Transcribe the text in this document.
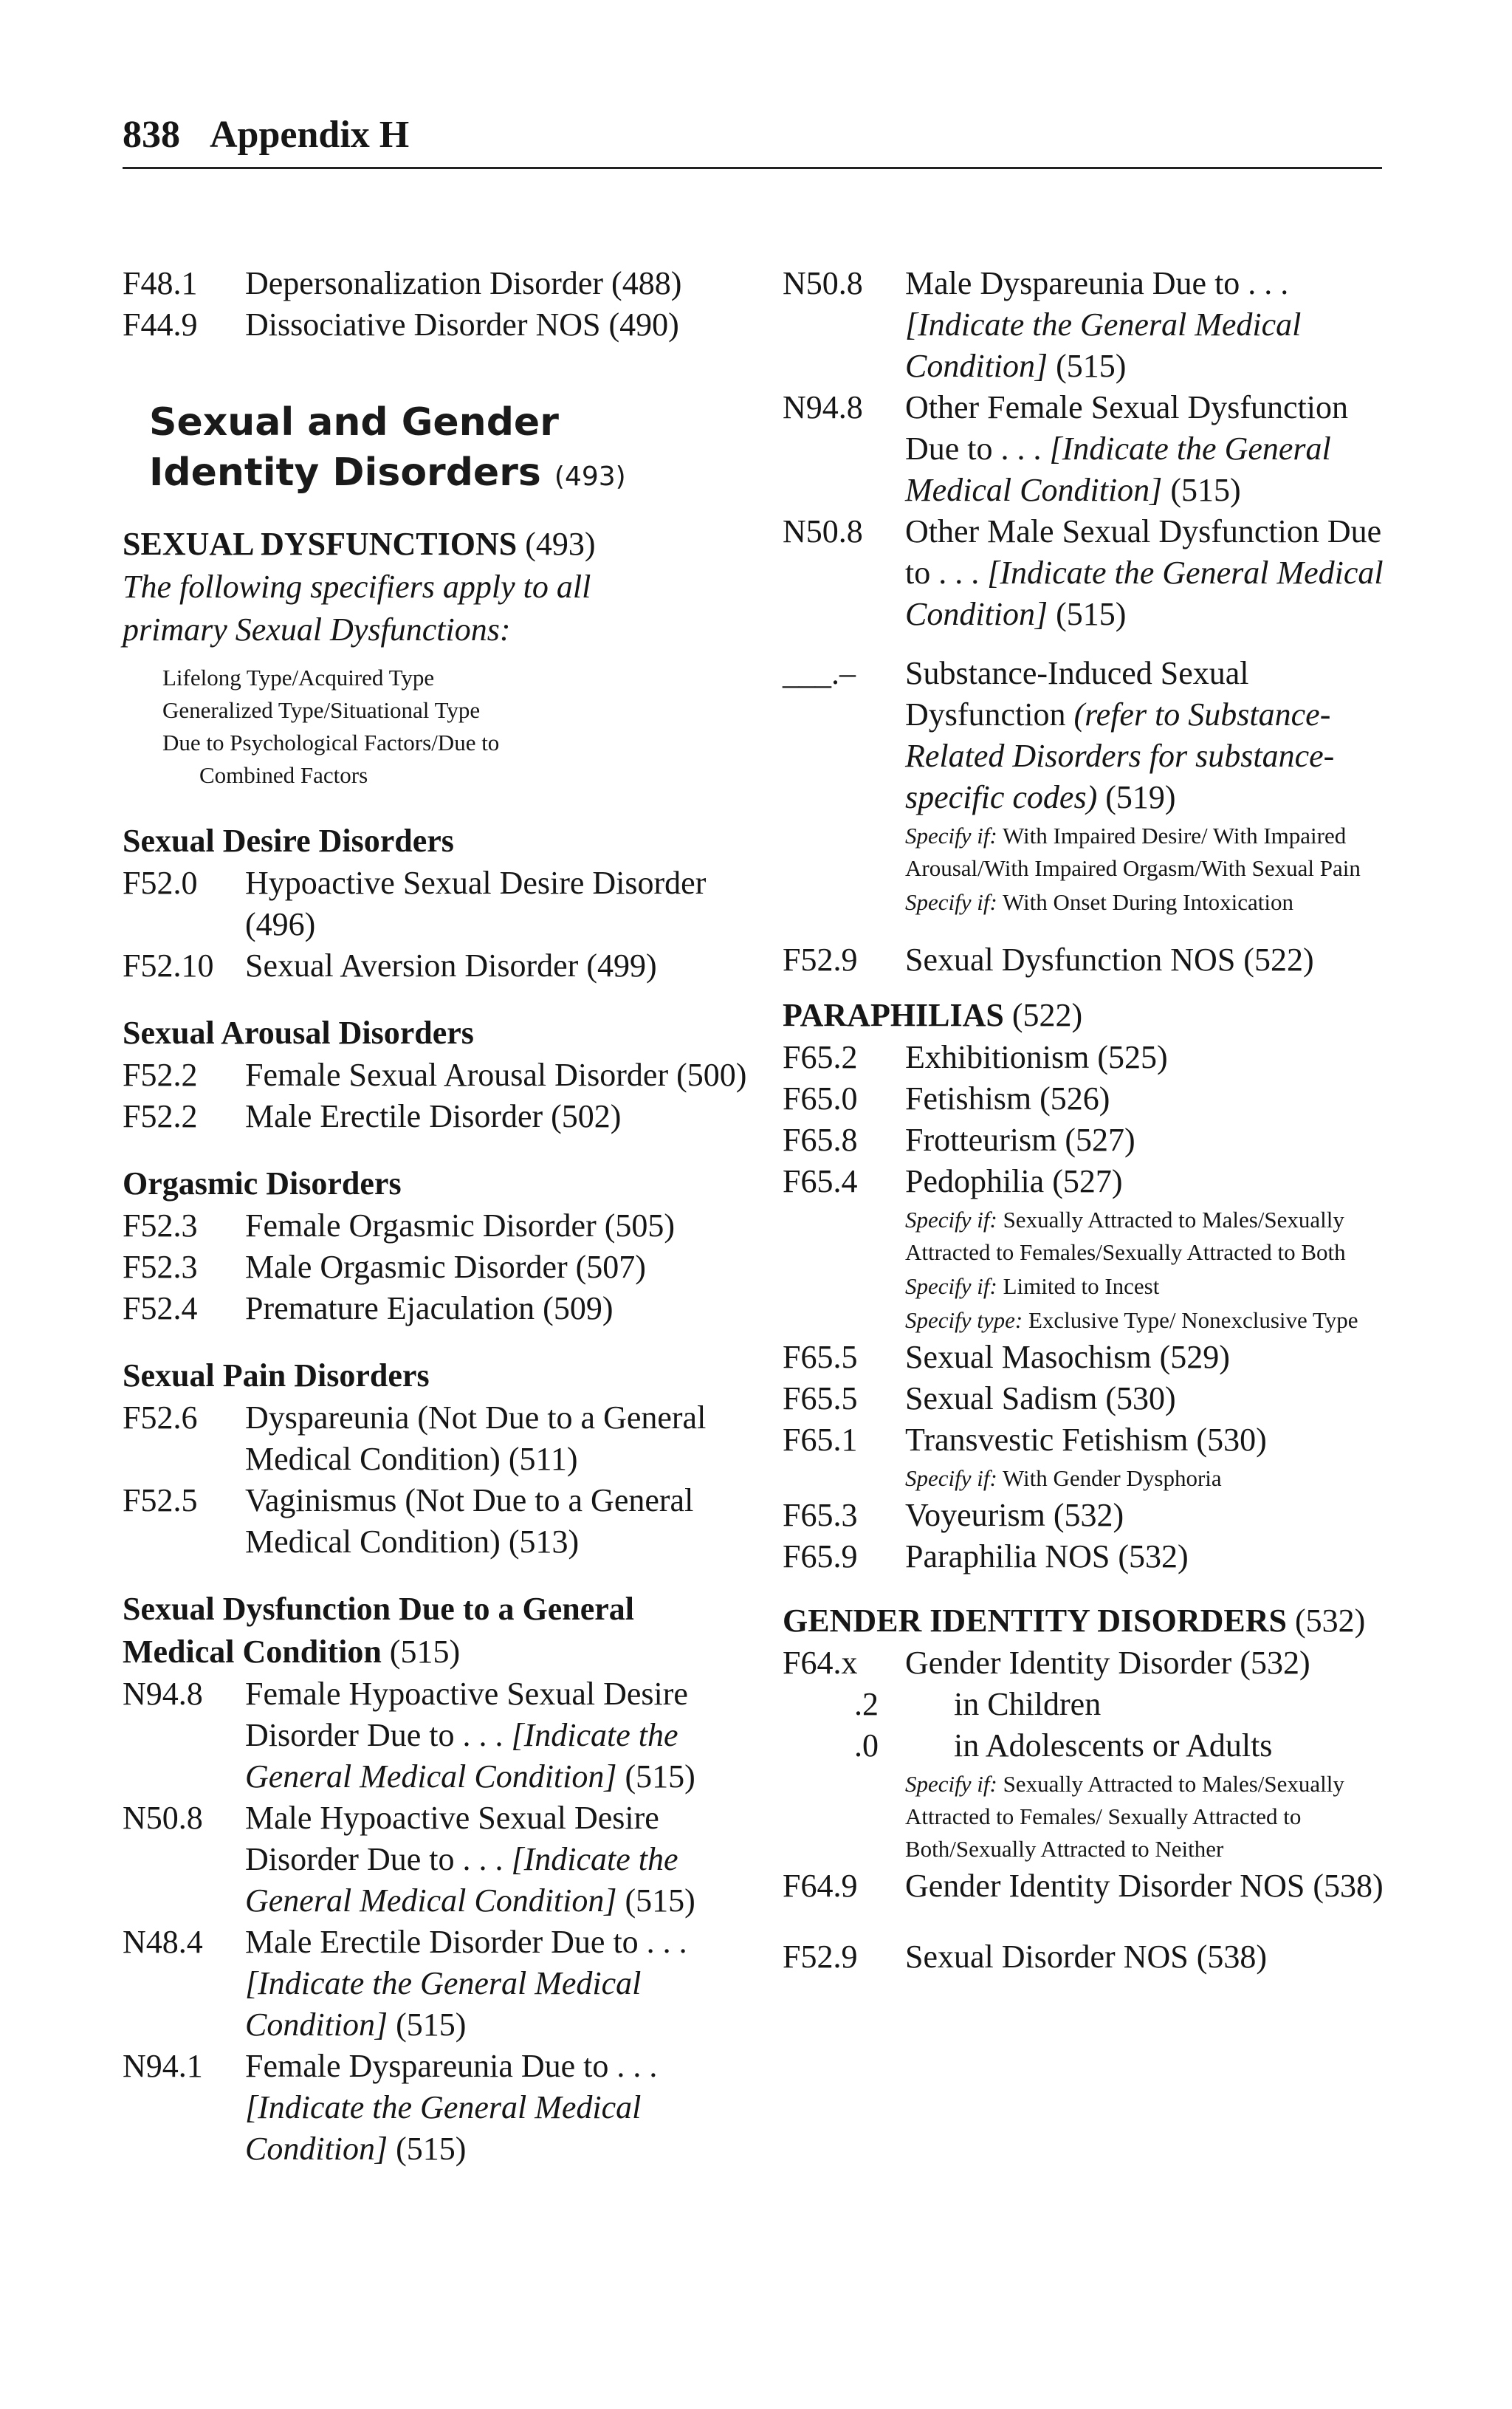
838 Appendix H
F48.1	Depersonalization Disorder (488)
F44.9	Dissociative Disorder NOS (490)
Sexual and Gender
Identity Disorders (493)
SEXUAL DYSFUNCTIONS (493)
The following specifiers apply to all
primary Sexual Dysfunctions:
Lifelong Type/Acquired Type
Generalized Type/Situational Type
Due to Psychological Factors/Due to
Combined Factors
Sexual Desire Disorders
F52.0	Hypoactive Sexual Desire Disorder (496)
F52.10 Sexual Aversion Disorder (499)
Sexual Arousal Disorders
F52.2	Female Sexual Arousal Disorder (500)
F52.2	Male Erectile Disorder (502)
Orgasmic Disorders
F52.3	Female Orgasmic Disorder (505)
F52.3	Male Orgasmic Disorder (507)
F52.4	Premature Ejaculation (509)
Sexual Pain Disorders
F52.6	Dyspareunia (Not Due to a General Medical Condition) (511)
F52.5	Vaginismus (Not Due to a General Medical Condition) (513)
Sexual Dysfunction Due to a General Medical Condition (515)
N94.8	Female Hypoactive Sexual Desire Disorder Due to . . . [Indicate the General Medical Condition] (515)
N50.8	Male Hypoactive Sexual Desire Disorder Due to . . . [Indicate the General Medical Condition] (515)
N48.4	Male Erectile Disorder Due to . . . [Indicate the General Medical Condition] (515)
N94.1	Female Dyspareunia Due to . . . [Indicate the General Medical Condition] (515)
N50.8	Male Dyspareunia Due to . . . [Indicate the General Medical Condition] (515)
N94.8	Other Female Sexual Dysfunction Due to . . . [Indicate the General Medical Condition] (515)
N50.8	Other Male Sexual Dysfunction Due to . . . [Indicate the General Medical Condition] (515)
___.–	Substance-Induced Sexual Dysfunction (refer to Substance-Related Disorders for substance-specific codes) (519)
Specify if: With Impaired Desire/ With Impaired Arousal/With Impaired Orgasm/With Sexual Pain
Specify if: With Onset During Intoxication
F52.9	Sexual Dysfunction NOS (522)
PARAPHILIAS (522)
F65.2	Exhibitionism (525)
F65.0	Fetishism (526)
F65.8	Frotteurism (527)
F65.4	Pedophilia (527)
Specify if: Sexually Attracted to Males/Sexually Attracted to Females/Sexually Attracted to Both
Specify if: Limited to Incest
Specify type: Exclusive Type/ Nonexclusive Type
F65.5	Sexual Masochism (529)
F65.5	Sexual Sadism (530)
F65.1	Transvestic Fetishism (530)
Specify if: With Gender Dysphoria
F65.3	Voyeurism (532)
F65.9	Paraphilia NOS (532)
GENDER IDENTITY DISORDERS (532)
F64.x	Gender Identity Disorder (532)
.2	in Children
.0	in Adolescents or Adults
Specify if: Sexually Attracted to Males/Sexually Attracted to Females/ Sexually Attracted to Both/Sexually Attracted to Neither
F64.9	Gender Identity Disorder NOS (538)
F52.9	Sexual Disorder NOS (538)
